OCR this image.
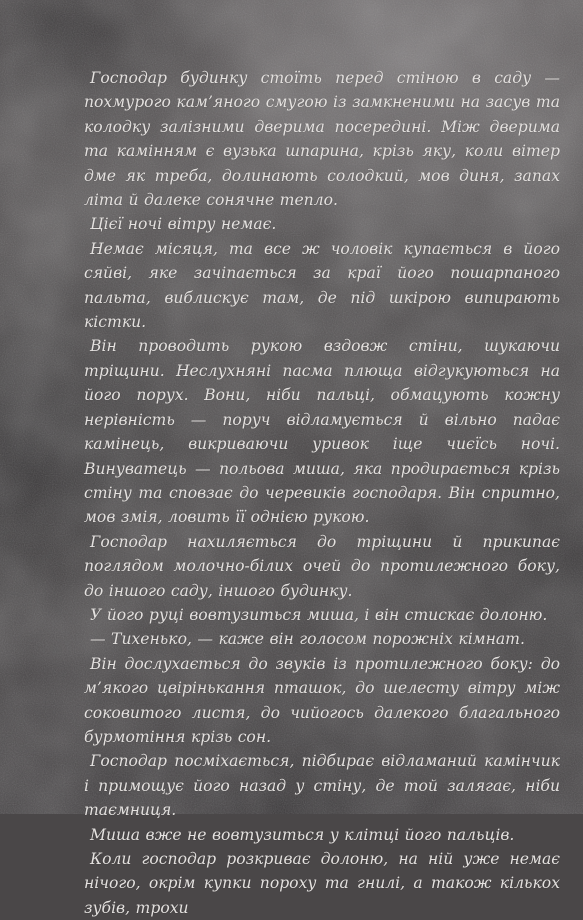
Господар будинку стоїть перед стіною в саду — похмурого кам’яного смугою із замкненими на засув та колодку залізними дверима посередині. Між дверима та камінням є вузька шпарина, крізь яку, коли вітер дме як треба, долинають солодкий, мов диня, запах літа й далеке сонячне тепло.

Цієї ночі вітру немає.

Немає місяця, та все ж чоловік купається в його сяйві, яке зачіпається за краї його пошарпаного пальта, виблискує там, де під шкірою випирають кістки.

Він проводить рукою вздовж стіни, шукаючи тріщини. Неслухняні пасма плюща відгукуються на його порух. Вони, ніби пальці, обмацують кожну нерівність — поруч відламується й вільно падає камінець, викриваючи уривок іще чиєїсь ночі. Винуватець — польова миша, яка продирається крізь стіну та сповзає до черевиків господаря. Він спритно, мов змія, ловить її однією рукою.

Господар нахиляється до тріщини й прикипає поглядом молочно-білих очей до протилежного боку, до іншого саду, іншого будинку.

У його руці вовтузиться миша, і він стискає долоню.

— Тихенько, — каже він голосом порожніх кімнат.

Він дослухається до звуків із протилежного боку: до м’якого цвірінькання пташок, до шелесту вітру між соковитого листя, до чийогось далекого благального бурмотіння крізь сон.

Господар посміхається, підбирає відламаний камінчик і примощує його назад у стіну, де той залягає, ніби таємниця.

Миша вже не вовтузиться у клітці його пальців.

Коли господар розкриває долоню, на ній уже немає нічого, окрім купки пороху та гнилі, а також кількох зубів, трохи
